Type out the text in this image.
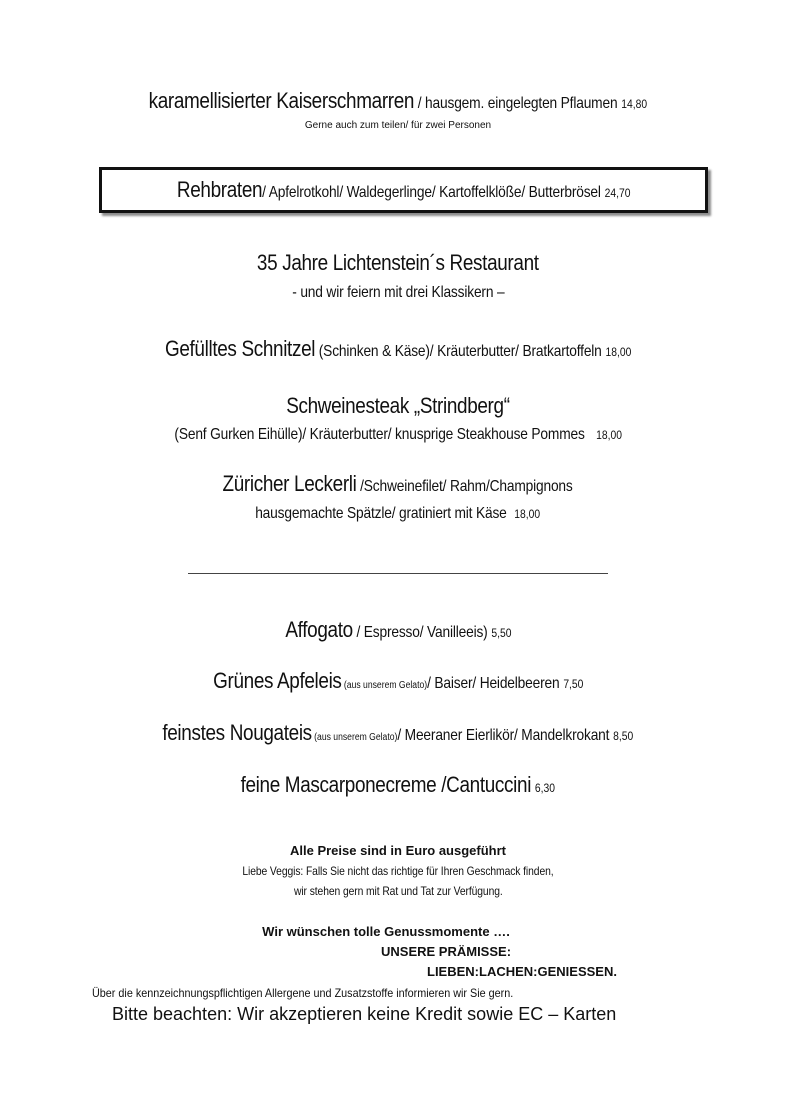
karamellisierter Kaiserschmarren / hausgem. eingelegten Pflaumen 14,80
Gerne auch zum teilen/ für zwei Personen
Rehbraten/ Apfelrotkohl/ Waldegerlinge/ Kartoffelklöße/ Butterbrösel 24,70
35 Jahre Lichtenstein´s Restaurant
- und wir feiern mit drei Klassikern –
Gefülltes Schnitzel (Schinken & Käse)/ Kräuterbutter/ Bratkartoffeln 18,00
Schweinesteak „Strindberg“
(Senf Gurken Eihülle)/ Kräuterbutter/ knusprige Steakhouse Pommes 18,00
Züricher Leckerli /Schweinefilet/ Rahm/Champignons
hausgemachte Spätzle/ gratiniert mit Käse 18,00
Affogato / Espresso/ Vanilleeis) 5,50
Grünes Apfeleis (aus unserem Gelato)/ Baiser/ Heidelbeeren 7,50
feinstes Nougateis (aus unserem Gelato)/ Meeraner Eierlikör/ Mandelkrokant 8,50
feine Mascarponecreme /Cantuccini 6,30
Alle Preise sind in Euro ausgeführt
Liebe Veggis: Falls Sie nicht das richtige für Ihren Geschmack finden,
wir stehen gern mit Rat und Tat zur Verfügung.
Wir wünschen tolle Genussmomente ….
UNSERE PRÄMISSE:
LIEBEN:LACHEN:GENIESSEN.
Über die kennzeichnungspflichtigen Allergene und Zusatzstoffe informieren wir Sie gern.
Bitte beachten: Wir akzeptieren keine Kredit sowie EC – Karten
